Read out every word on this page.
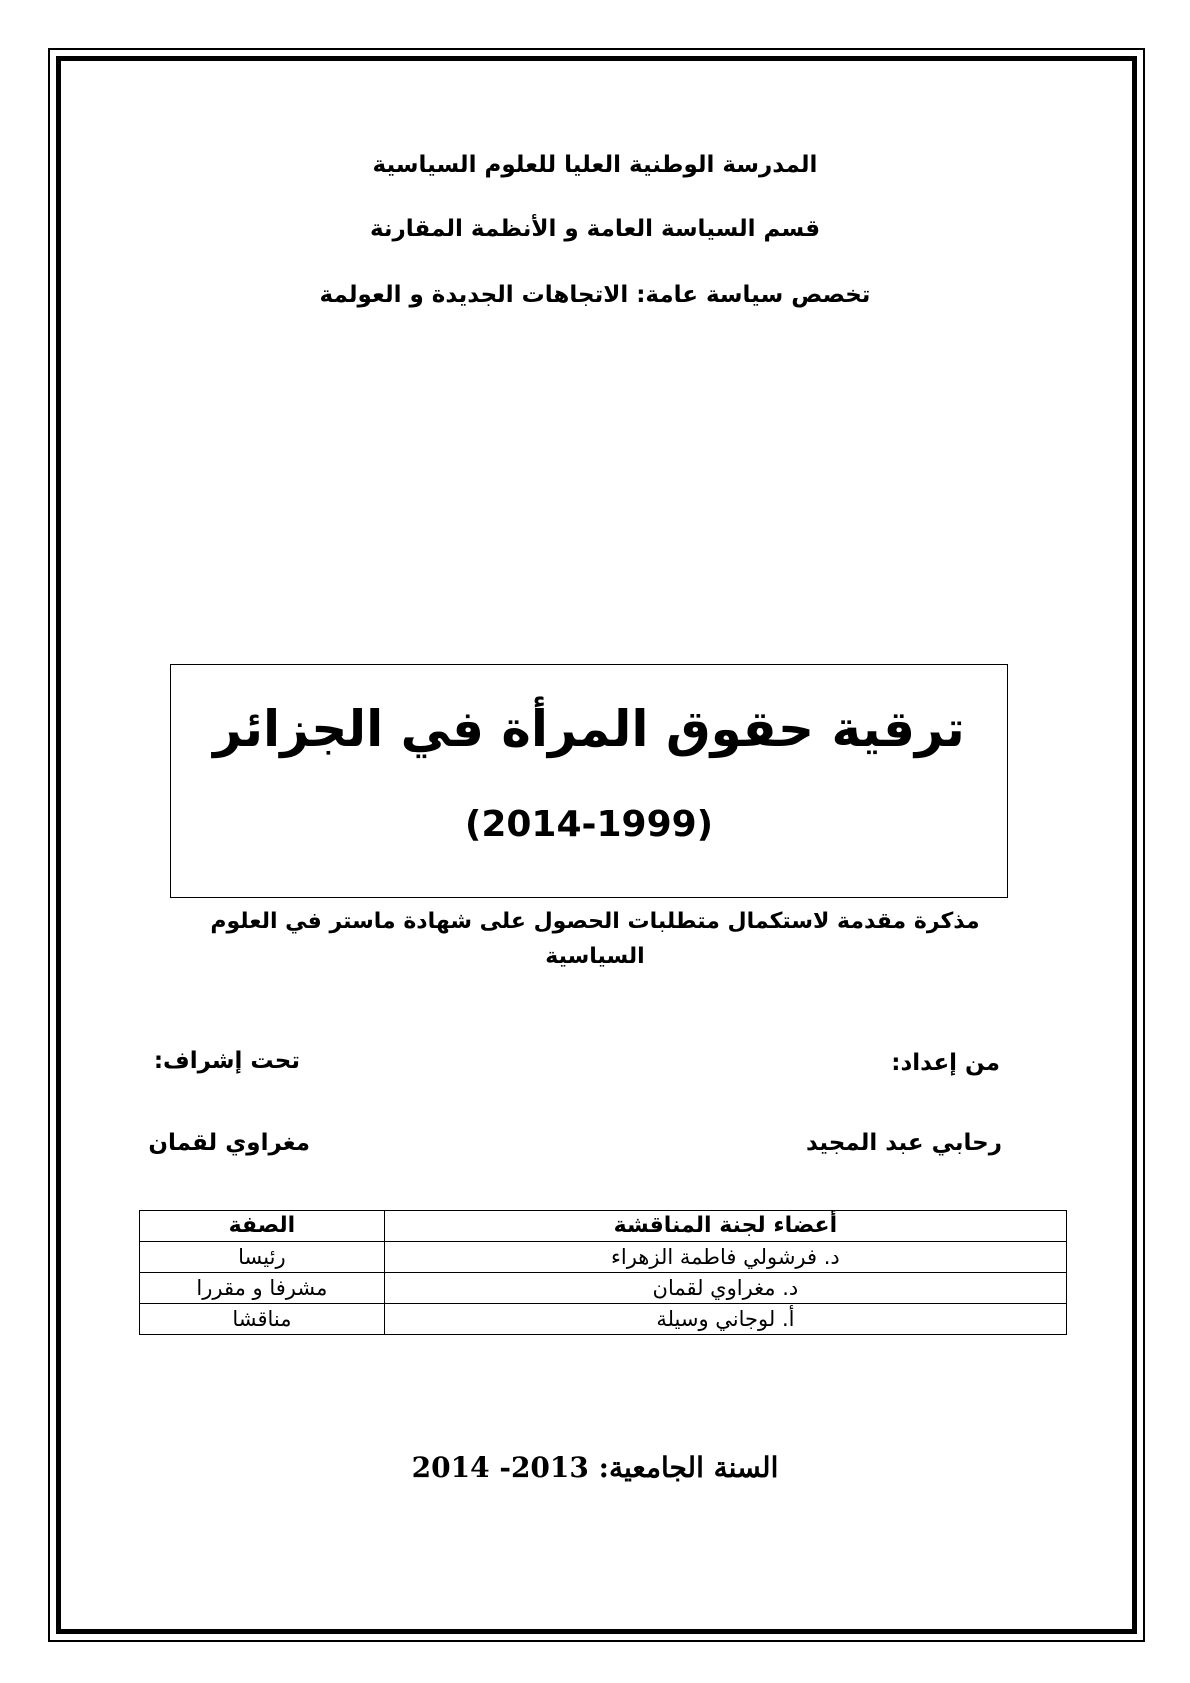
المدرسة الوطنية العليا للعلوم السياسية
قسم السياسة العامة و الأنظمة المقارنة
تخصص سياسة عامة: الاتجاهات الجديدة و العولمة
ترقية حقوق المرأة في الجزائر
(2014-1999)
مذكرة مقدمة لاستكمال متطلبات الحصول على شهادة ماستر في العلوم السياسية
من إعداد:
تحت إشراف:
رحابي عبد المجيد
مغراوي لقمان
أعضاء لجنة المناقشة	الصفة
د. فرشولي فاطمة الزهراء	رئيسا
د. مغراوي لقمان	مشرفا و مقررا
أ. لوجاني وسيلة	مناقشا
السنة الجامعية: 2013- 2014
